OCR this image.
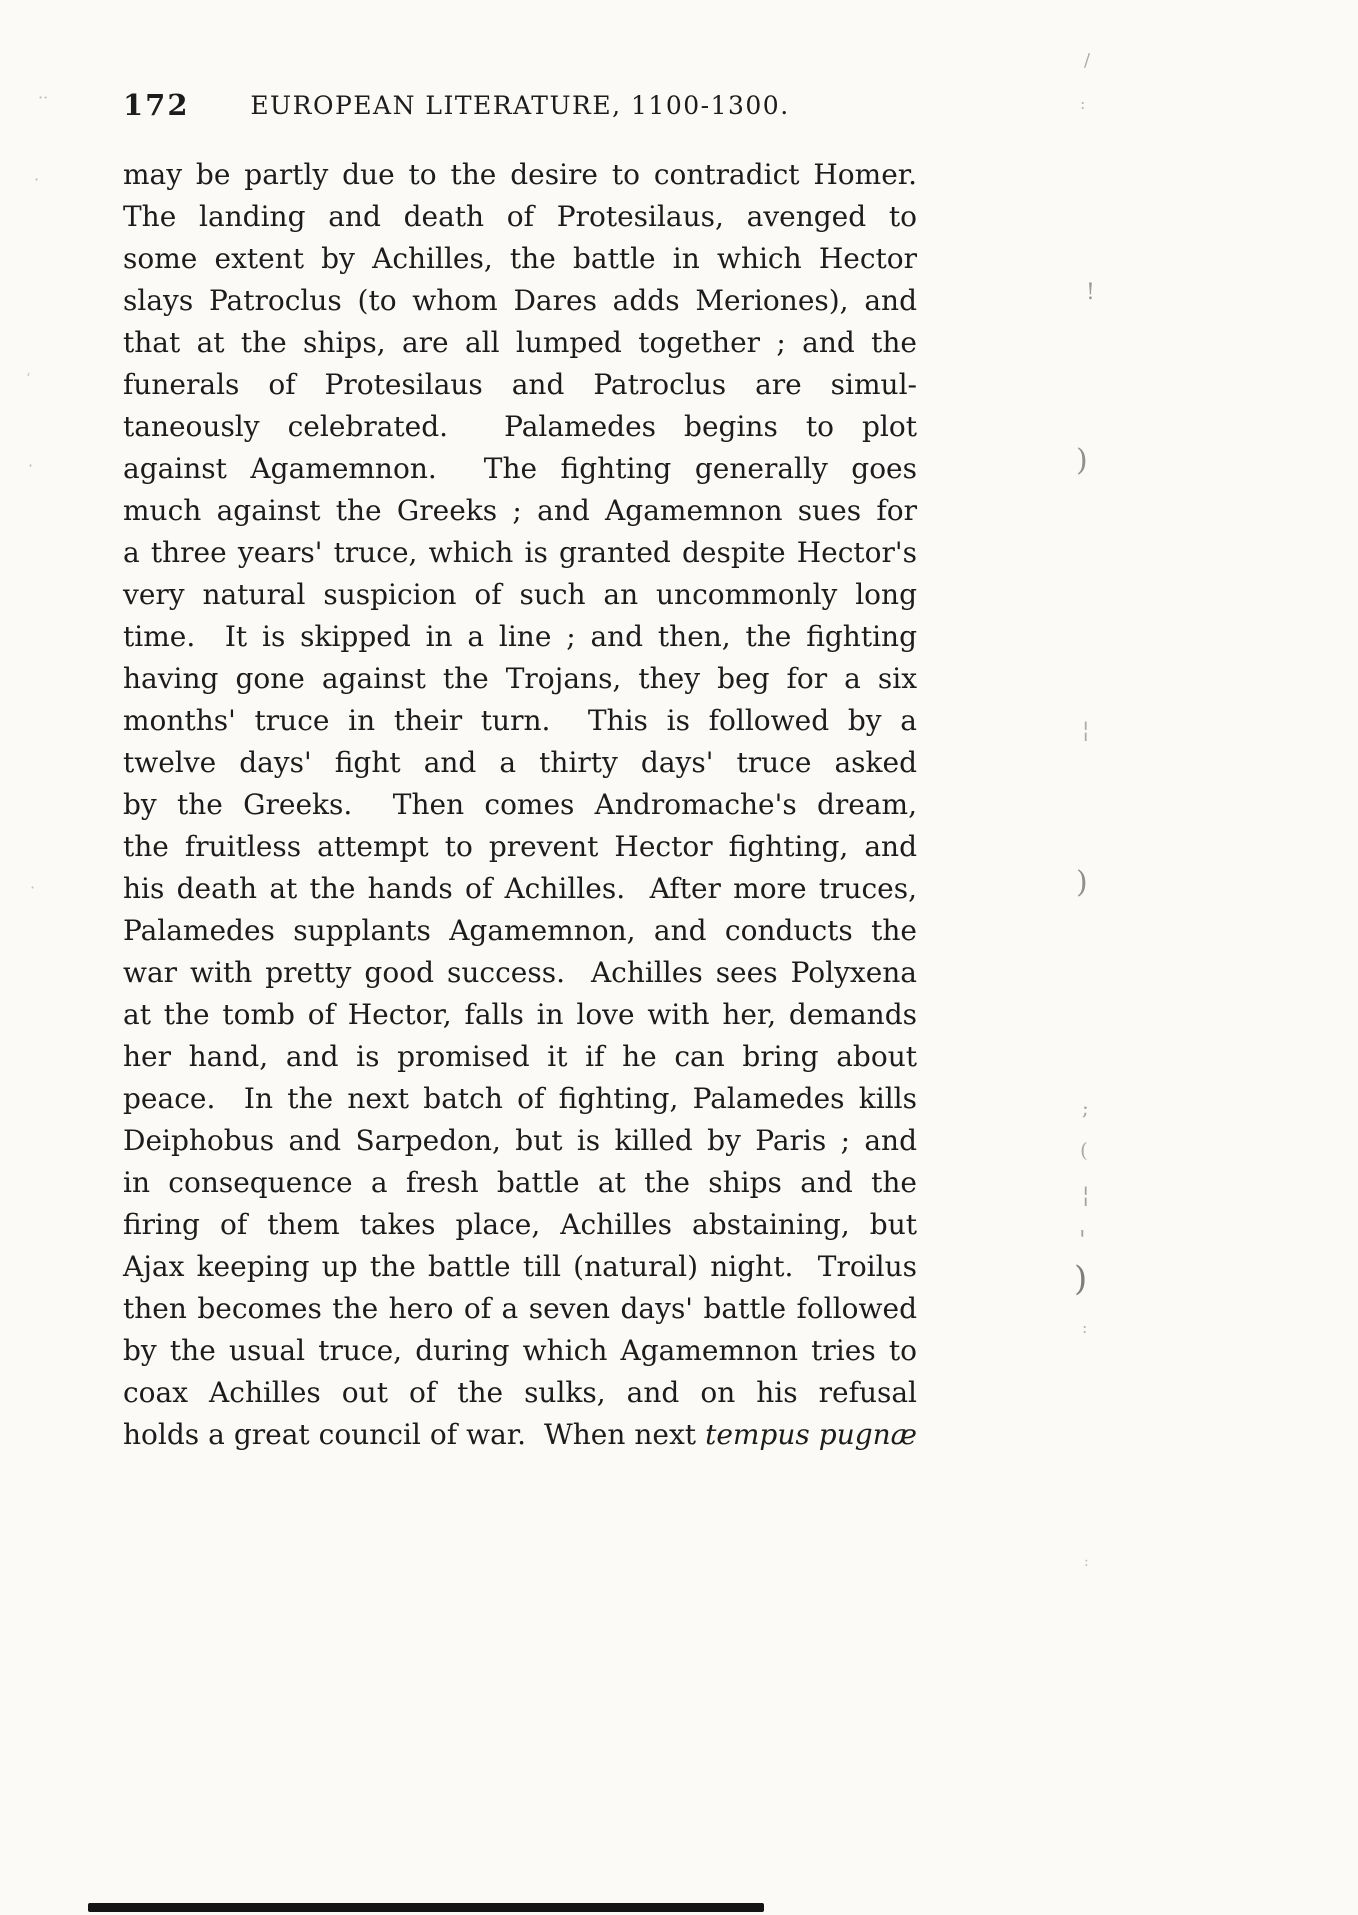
172	EUROPEAN LITERATURE, 1100-1300.
may be partly due to the desire to contradict Homer.
The landing and death of Protesilaus, avenged to
some extent by Achilles, the battle in which Hector
slays Patroclus (to whom Dares adds Meriones), and
that at the ships, are all lumped together ; and the
funerals of Protesilaus and Patroclus are simul-
taneously celebrated.  Palamedes begins to plot
against Agamemnon.  The fighting generally goes
much against the Greeks ; and Agamemnon sues for
a three years' truce, which is granted despite Hector's
very natural suspicion of such an uncommonly long
time.  It is skipped in a line ; and then, the fighting
having gone against the Trojans, they beg for a six
months' truce in their turn.  This is followed by a
twelve days' fight and a thirty days' truce asked
by the Greeks.  Then comes Andromache's dream,
the fruitless attempt to prevent Hector fighting, and
his death at the hands of Achilles.  After more truces,
Palamedes supplants Agamemnon, and conducts the
war with pretty good success.  Achilles sees Polyxena
at the tomb of Hector, falls in love with her, demands
her hand, and is promised it if he can bring about
peace.  In the next batch of fighting, Palamedes kills
Deiphobus and Sarpedon, but is killed by Paris ; and
in consequence a fresh battle at the ships and the
firing of them takes place, Achilles abstaining, but
Ajax keeping up the battle till (natural) night.  Troilus
then becomes the hero of a seven days' battle followed
by the usual truce, during which Agamemnon tries to
coax Achilles out of the sulks, and on his refusal
holds a great council of war.  When next tempus pugnæ
/
:
!
)
¦
)
;
(
¦
'
)
:
:
··
·
·
·
ʻ
